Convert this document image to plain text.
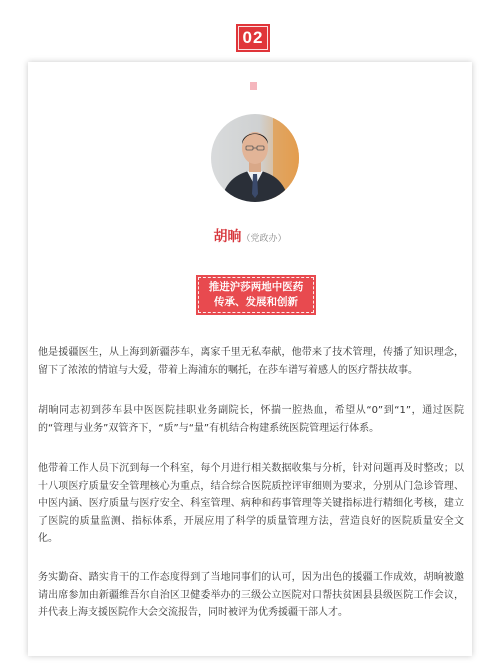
02
胡晌（党政办）
推进沪莎两地中医药
传承、发展和创新

他是援疆医生，从上海到新疆莎车，离家千里无私奉献，他带来了技术管理，传播了知识理念，留下了浓浓的情谊与大爱，带着上海浦东的嘱托，在莎车谱写着感人的医疗帮扶故事。

胡晌同志初到莎车县中医医院挂职业务副院长，怀揣一腔热血，希望从“0”到“1”，通过医院的“管理与业务”双管齐下，“质”与“量”有机结合构建系统医院管理运行体系。

他带着工作人员下沉到每一个科室，每个月进行相关数据收集与分析，针对问题再及时整改；以十八项医疗质量安全管理核心为重点，结合综合医院质控评审细则为要求，分别从门急诊管理、中医内涵、医疗质量与医疗安全、科室管理、病种和药事管理等关键指标进行精细化考核，建立了医院的质量监测、指标体系，开展应用了科学的质量管理方法，营造良好的医院质量安全文化。

务实勤奋、踏实肯干的工作态度得到了当地同事们的认可，因为出色的援疆工作成效，胡晌被邀请出席参加由新疆维吾尔自治区卫健委举办的三级公立医院对口帮扶贫困县县级医院工作会议，并代表上海支援医院作大会交流报告，同时被评为优秀援疆干部人才。
